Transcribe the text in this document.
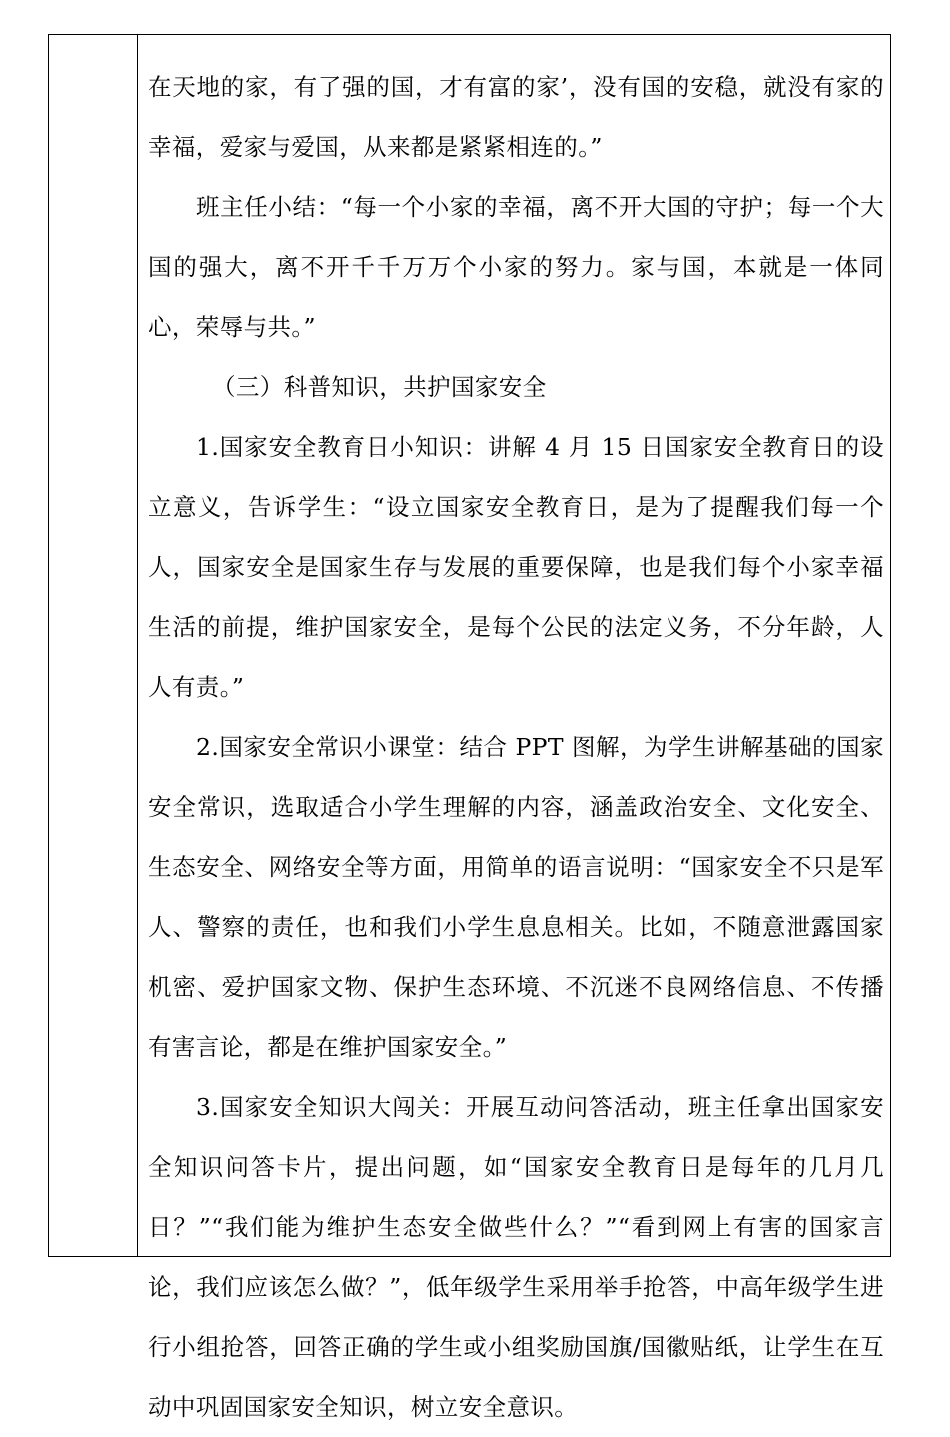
在天地的家，有了强的国，才有富的家’，没有国的安稳，就没有家的幸福，爱家与爱国，从来都是紧紧相连的。”

班主任小结：“每一个小家的幸福，离不开大国的守护；每一个大国的强大，离不开千千万万个小家的努力。家与国，本就是一体同心，荣辱与共。”

（三）科普知识，共护国家安全

1.国家安全教育日小知识：讲解 4 月 15 日国家安全教育日的设立意义，告诉学生：“设立国家安全教育日，是为了提醒我们每一个人，国家安全是国家生存与发展的重要保障，也是我们每个小家幸福生活的前提，维护国家安全，是每个公民的法定义务，不分年龄，人人有责。”

2.国家安全常识小课堂：结合 PPT 图解，为学生讲解基础的国家安全常识，选取适合小学生理解的内容，涵盖政治安全、文化安全、生态安全、网络安全等方面，用简单的语言说明：“国家安全不只是军人、警察的责任，也和我们小学生息息相关。比如，不随意泄露国家机密、爱护国家文物、保护生态环境、不沉迷不良网络信息、不传播有害言论，都是在维护国家安全。”

3.国家安全知识大闯关：开展互动问答活动，班主任拿出国家安全知识问答卡片，提出问题，如“国家安全教育日是每年的几月几日？”“我们能为维护生态安全做些什么？”“看到网上有害的国家言论，我们应该怎么做？”，低年级学生采用举手抢答，中高年级学生进行小组抢答，回答正确的学生或小组奖励国旗/国徽贴纸，让学生在互动中巩固国家安全知识，树立安全意识。
